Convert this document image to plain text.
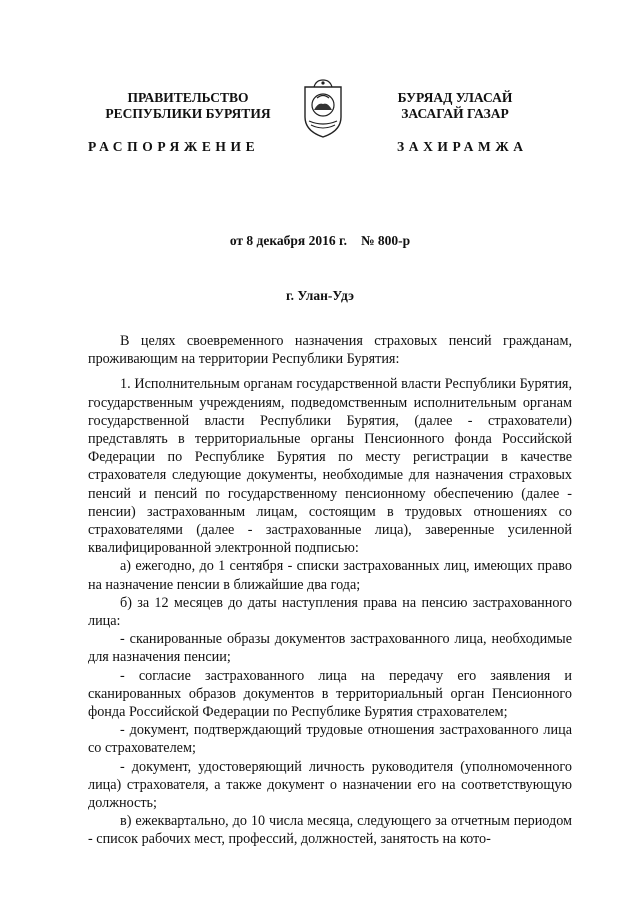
ПРАВИТЕЛЬСТВО
РЕСПУБЛИКИ БУРЯТИЯ
БУРЯАД УЛАСАЙ
ЗАСАГАЙ ГАЗАР
РАСПОРЯЖЕНИЕ	ЗАХИРАМЖА
от 8 декабря 2016 г. № 800-р
г. Улан-Удэ

В целях своевременного назначения страховых пенсий гражданам, проживающим на территории Республики Бурятия:

1. Исполнительным органам государственной власти Республики Бурятия, государственным учреждениям, подведомственным исполнительным органам государственной власти Республики Бурятия, (далее - страхователи) представлять в территориальные органы Пенсионного фонда Российской Федерации по Республике Бурятия по месту регистрации в качестве страхователя следующие документы, необходимые для назначения страховых пенсий и пенсий по государственному пенсионному обеспечению (далее - пенсии) застрахованным лицам, состоящим в трудовых отношениях со страхователями (далее - застрахованные лица), заверенные усиленной квалифицированной электронной подписью:

а) ежегодно, до 1 сентября - списки застрахованных лиц, имеющих право на назначение пенсии в ближайшие два года;

б) за 12 месяцев до даты наступления права на пенсию застрахованного лица:

- сканированные образы документов застрахованного лица, необходимые для назначения пенсии;

- согласие застрахованного лица на передачу его заявления и сканированных образов документов в территориальный орган Пенсионного фонда Российской Федерации по Республике Бурятия страхователем;

- документ, подтверждающий трудовые отношения застрахованного лица со страхователем;

- документ, удостоверяющий личность руководителя (уполномоченного лица) страхователя, а также документ о назначении его на соответствующую должность;

в) ежеквартально, до 10 числа месяца, следующего за отчетным периодом - список рабочих мест, профессий, должностей, занятость на кото-
